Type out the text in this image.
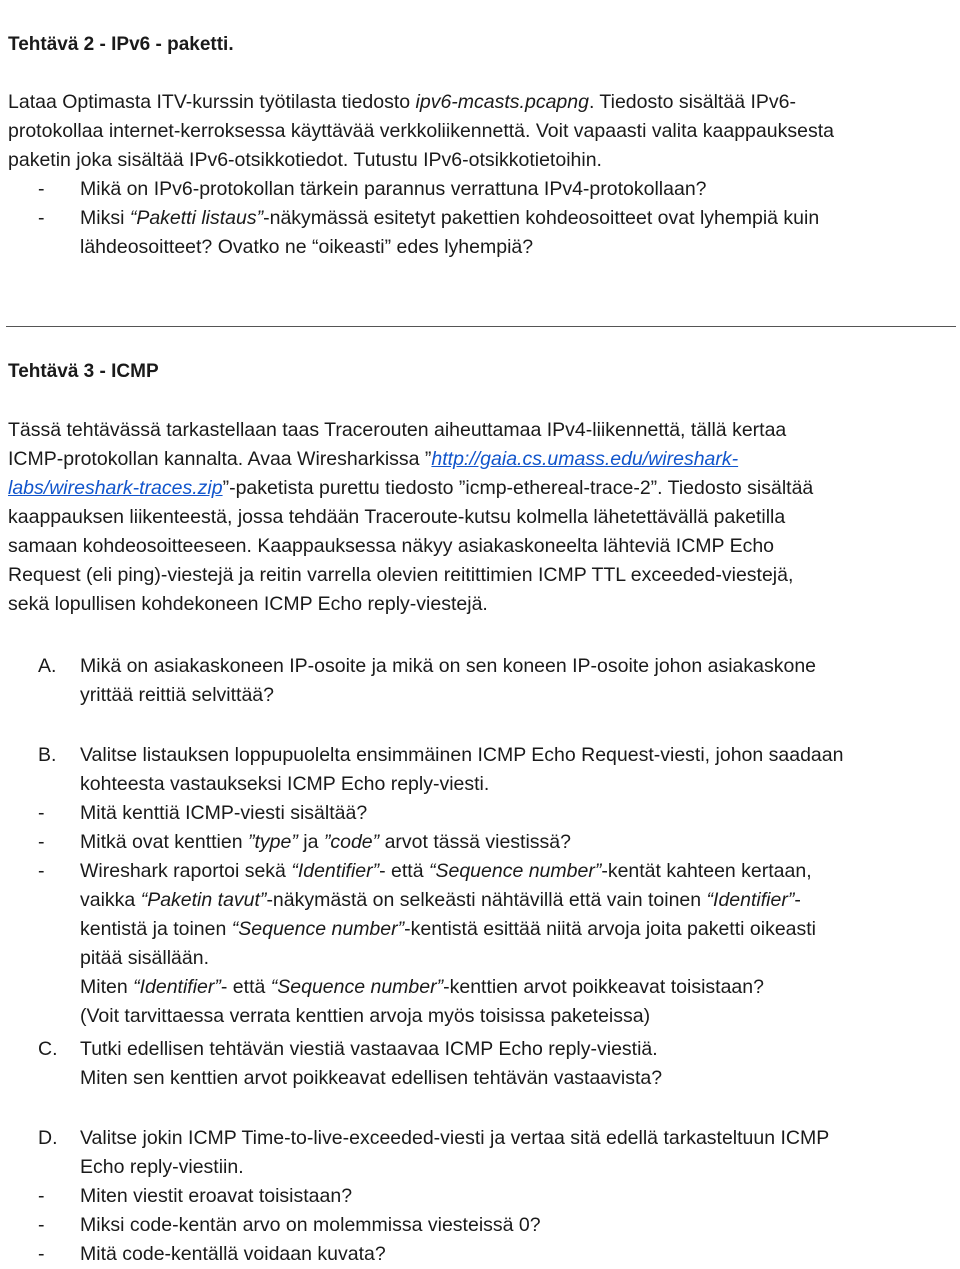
Tehtävä 2 - IPv6 - paketti.

Lataa Optimasta ITV-kurssin työtilasta tiedosto ipv6-mcasts.pcapng. Tiedosto sisältää IPv6-

protokollaa internet-kerroksessa käyttävää verkkoliikennettä. Voit vapaasti valita kaappauksesta

paketin joka sisältää IPv6-otsikkotiedot. Tutustu IPv6-otsikkotietoihin.

-	Mikä on IPv6-protokollan tärkein parannus verrattuna IPv4-protokollaan?
-	Miksi “Paketti listaus”-näkymässä esitetyt pakettien kohdeosoitteet ovat lyhempiä kuin
lähdeosoitteet? Ovatko ne “oikeasti” edes lyhempiä?

Tehtävä 3 - ICMP

Tässä tehtävässä tarkastellaan taas Tracerouten aiheuttamaa IPv4-liikennettä, tällä kertaa

ICMP-protokollan kannalta. Avaa Wiresharkissa ”http://gaia.cs.umass.edu/wireshark-

labs/wireshark-traces.zip”-paketista purettu tiedosto ”icmp-ethereal-trace-2”. Tiedosto sisältää

kaappauksen liikenteestä, jossa tehdään Traceroute-kutsu kolmella lähetettävällä paketilla

samaan kohdeosoitteeseen. Kaappauksessa näkyy asiakaskoneelta lähteviä ICMP Echo

Request (eli ping)-viestejä ja reitin varrella olevien reitittimien ICMP TTL exceeded-viestejä,

sekä lopullisen kohdekoneen ICMP Echo reply-viestejä.

A.	Mikä on asiakaskoneen IP-osoite ja mikä on sen koneen IP-osoite johon asiakaskone
yrittää reittiä selvittää?
B.	Valitse listauksen loppupuolelta ensimmäinen ICMP Echo Request-viesti, johon saadaan
kohteesta vastaukseksi ICMP Echo reply-viesti.
-	Mitä kenttiä ICMP-viesti sisältää?
-	Mitkä ovat kenttien ”type” ja ”code” arvot tässä viestissä?
-	Wireshark raportoi sekä “Identifier”- että “Sequence number”-kentät kahteen kertaan,
vaikka “Paketin tavut”-näkymästä on selkeästi nähtävillä että vain toinen “Identifier”-
kentistä ja toinen “Sequence number”-kentistä esittää niitä arvoja joita paketti oikeasti
pitää sisällään.
Miten “Identifier”- että “Sequence number”-kenttien arvot poikkeavat toisistaan?
(Voit tarvittaessa verrata kenttien arvoja myös toisissa paketeissa)
C.	Tutki edellisen tehtävän viestiä vastaavaa ICMP Echo reply-viestiä.
Miten sen kenttien arvot poikkeavat edellisen tehtävän vastaavista?
D.	Valitse jokin ICMP Time-to-live-exceeded-viesti ja vertaa sitä edellä tarkasteltuun ICMP
Echo reply-viestiin.
-	Miten viestit eroavat toisistaan?
-	Miksi code-kentän arvo on molemmissa viesteissä 0?
-	Mitä code-kentällä voidaan kuvata?
